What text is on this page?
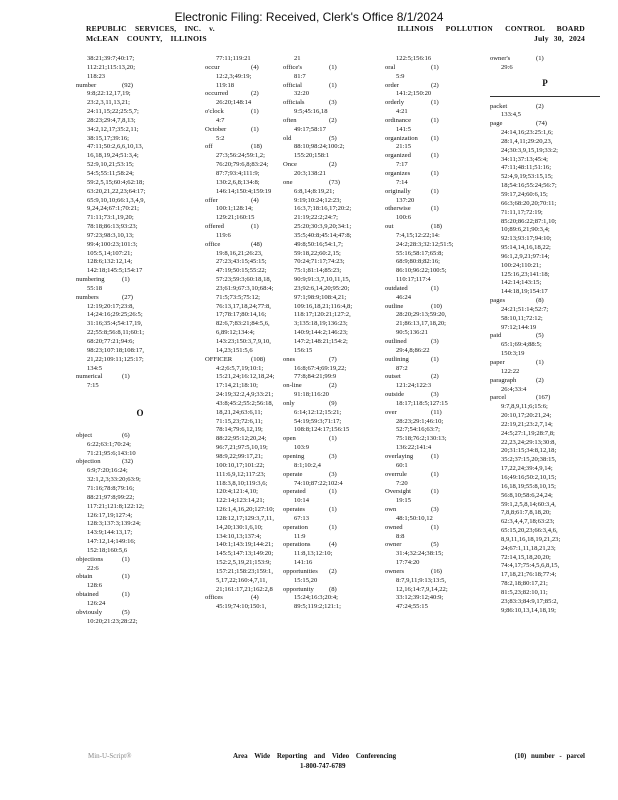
Electronic Filing: Received, Clerk's Office 8/1/2024
REPUBLIC SERVICES, INC. v.
McLEAN COUNTY, ILLINOIS
ILLINOIS POLLUTION CONTROL BOARD
July 30, 2024
38:21;39:7;40:17;
112:21;115:13,20;
118:23
number	(92)
9:8;22:12,17,19;
23:2,3,11,13,21;
24:11,15;22;25:5,7;
28:23;29:4,7,8,13;
34:2,12,17;35:2,11;
38:15,17;39:16;
47:11;50:2,6,6,10,13,
16,18,19,24;51:3,4;
52:9,10,21;53:15;
54:5;55:11;58:24;
59:2,5,15;60:4;62:18;
63:20,21,22,23;64:17;
65:9,10,10;66:1,3,4,9,
9,24,24;67:1;70:21;
71:11;73:1,19,20;
78:18;86:13;93:23;
97:23;98:3,10,13;
99:4;100:23;101:3;
105:5,14;107:21;
128:6;132:12,14;
142:18;145:5;154:17
numbering	(1)
55:18
numbers	(27)
12:19;20:17;23:8,
14;24:16;29:25;26:5;
31:16;35:4;54:17,19,
22;55:8;56:8,11;60:1;
68:20;77:21;94:6;
98:23;107:18;108:17,
21,22;109:11;125:17;
134:5
numerical	(1)
7:15
O
object	(6)
6:22;63:1;70:24;
71:21;95:6;143:10
objection	(32)
6:9;7:20;16:24;
32:1,2,3;33:20;63:9;
71:16;78:8;79:16;
88:21;97:8;99:22;
117:21;121:8;122:12;
126:17,19;127:4;
128:3;137:3;139:24;
143:9;144:13,17;
147:12,14;149:16;
152:18;160:5,6
objections	(1)
22:6
obtain	(1)
128:6
obtained	(1)
126:24
obviously	(5)
10:20;21:23;28:22;
77:11;119:21
occur	(4)
12:2,3;49:19;
119:18
occurred	(2)
26:20;148:14
o'clock	(1)
4:7
October	(1)
5:2
off	(18)
27:3;56:24;59:1,2;
76:20;79:6,8;83:24;
87:7;93:4;111:9;
130:2,6,8;134:8;
146:14;150:4;159:19
offer	(4)
100:1;128:14;
129:21;160:15
offered	(1)
119:6
office	(48)
19:8,16,21;26:23,
27:23;43:15;45:15;
47:19;50:15;55:22;
57:23;59:3;60:18,18,
23;61:9;67:3,10;68:4;
71:5;73:5;75:12;
76:13,17,18,24;77:8,
17;78:17;80:14,16;
82:6,7;83:21;84:5,6,
6,89:12;134:4;
143:23;150:3,7,9,10,
14,23;151:5,6
OFFICER	(108)
4:2;6:5,7,19;10:1;
15:21,24;16:12,18,24;
17:14,21;18:10;
24:19;32:2,4,9;33:21;
43:8;45:2;55:2;56:18,
18,21,24;63:6,11;
71:15,23;72:6,11;
78:14;79:6,12,19;
88:22;95:12;20,24;
96:7,21;97:5,10,19;
98:9,22;99:17,21;
100:10,17;101:22;
111:6,9,12;117:23;
118:3,8,10;119:3,6;
120:4;121:4,10;
122:14;123:14,21;
126:1,4,16,20;127:10;
128:12,17;129:3,7,11,
14,20;130:1,6,10;
134:10,13;137:4;
140:1;143:19;144:21;
145:5;147:13;149:20;
152:2,5,19,21;153:9;
157:21;158:23;159:1,
5,17,22;160:4,7,11,
21;161:17,21;162:2,8
offices	(4)
45:19;74:10;150:1,
21
office's	(1)
81:7
official	(1)
32:20
officials	(3)
9:5;45:16,18
often	(2)
49:17;58:17
old	(5)
88:10;98:24;100:2;
155:20;158:1
Once	(2)
20:3;138:21
one	(73)
6:8,14;8:19,21;
9:19;10:24;12:23;
16:3,7;18:16,17;20:2;
21:19;22:2;24:7;
25:20;30:3,9,20;34:1;
35:5;40:8;45:14;47:8;
49:8;50:16;54:1,7;
59:18,22;60:2,15;
70:24;71:17;74:23;
75:1;81:14;85:23;
90:9;91:3,7,10,11,15,
23;92:6,14,20;95:20;
97:1;98:9;108:4,21;
109:16,18,21;116:4,8;
118:17;120:21;127:2,
3;135:18,19;136:23;
140:9;144:2;146:23;
147:2;148:21;154:2;
156:15
ones	(7)
16:8;67:4;69:19,22;
77:8;84:21;99:9
on-line	(2)
91:18;116:20
only	(9)
6:14;12:12;15:21;
54:19;59:3;71:17;
108:8;124:17;156:15
open	(1)
103:9
opening	(3)
8:1;10:2,4
operate	(3)
74:10;87:22;102:4
operated	(1)
10:14
operates	(1)
67:13
operation	(1)
11:9
operations	(4)
11:8,13;12:10;
141:16
opportunities (2)
15:15,20
opportunity (8)
15:24;16:3;20:4;
89:5;119:2;121:1;
122:5;156:16
oral	(1)
5:9
order	(2)
141:2;150:20
orderly	(1)
4:21
ordinance	(1)
141:5
organization (1)
21:15
organized	(1)
7:17
organizes	(1)
7:14
originally	(1)
137:20
otherwise	(1)
100:6
out	(18)
7:4,15;12:22;14:
24:2;28:3;32:12;51:5;
55:16;58:17;65:8;
68:9;80:8;82:16;
86:10;96:22;100:5;
110:17;117:4
outdated	(1)
46:24
outline	(10)
28:20;29:13;59:20,
21;86:13,17,18,20;
90:5;136:21
outlined	(3)
29:4,8;86:22
outlining	(1)
87:2
outset	(2)
121:24;122:3
outside	(3)
18:17;118:5;127:15
over	(11)
28:23;29:1;46:10;
52:7;54:16;63:7;
75:18;76:2;130:13;
136:22;141:4
overlaying	(1)
60:1
overrule	(1)
7:20
Oversight	(1)
19:15
own	(3)
48:1;50:10,12
owned	(1)
8:8
owner	(5)
31:4;32:24;38:15;
17:74:20
owners	(16)
8:7,9,11;9:13;13:5,
12,16;14:7,9,14,22;
33:12;39:12;40:9;
47:24;55:15
owner's	(1)
29:6
P
packet	(2)
133:4,5
page	(74)
24:14,16;23:25:1,6;
28:1,4,11;29:20,23,
24;30:3,9,15,19;33:2;
34:11;37:13;45:4;
47:11;48:11;51:16;
52:4,9,19;53:15,15;
18;54:16;55:24;56:7;
59:17,24;60:6,15;
66:3;68:20,20;70:11;
71:11,17;72:19;
85:20;86:22;87:1,10;
10;89:6,21;90:3,4;
92:13;93:17;94:10;
95:14,14,16,18,22;
96:1,2,9,21;97:14;
100:24;110:21;
125:16,23;141:18;
142:14;143:15;
144:18,19;154:17
pages	(8)
24:21;51:14;52:7;
58:10,11;72:12;
97:12;144:19
paid	(5)
65:1;69:4;88:5;
150:3;19
paper	(1)
122:22
paragraph	(2)
26:4;33:4
parcel	(167)
9:7,8,9,11;6;15:6;
20:10,17;20:21,24;
22:19,21;23:2,7,14;
24:5;27:1,19;28:7,8;
22,23,24;29:13;30:8,
20;31:15;34:8,12,18;
35:2;37:15,20;38:15,
17,22,24;39:4,9,14;
16;49:16;50:2,10,15;
16,18,19;55:8,10,15;
56:8,10;58:6,24,24;
59:1,2,5,8,14;60:3,4,
7,8,8;61:7,8,18,20;
62:3,4,4,7,18;63:23;
65:15,20,23;66:3,4,6,
8,9,11,16,18,19,21,23;
24;67:1,11,18,21,23;
72:14,15,18,20,20;
74:4,17;75:4,5,6,8,15,
17,18,21;76:18;77:4;
78:2,18;80:17,21;
81:5,23;82:10,11;
23;83:3;84:9,17;85:2,
9;86:10,13,14,18,19;
Min-U-Script®	Area Wide Reporting and Video Conferencing
1-800-747-6789
(10) number - parcel
